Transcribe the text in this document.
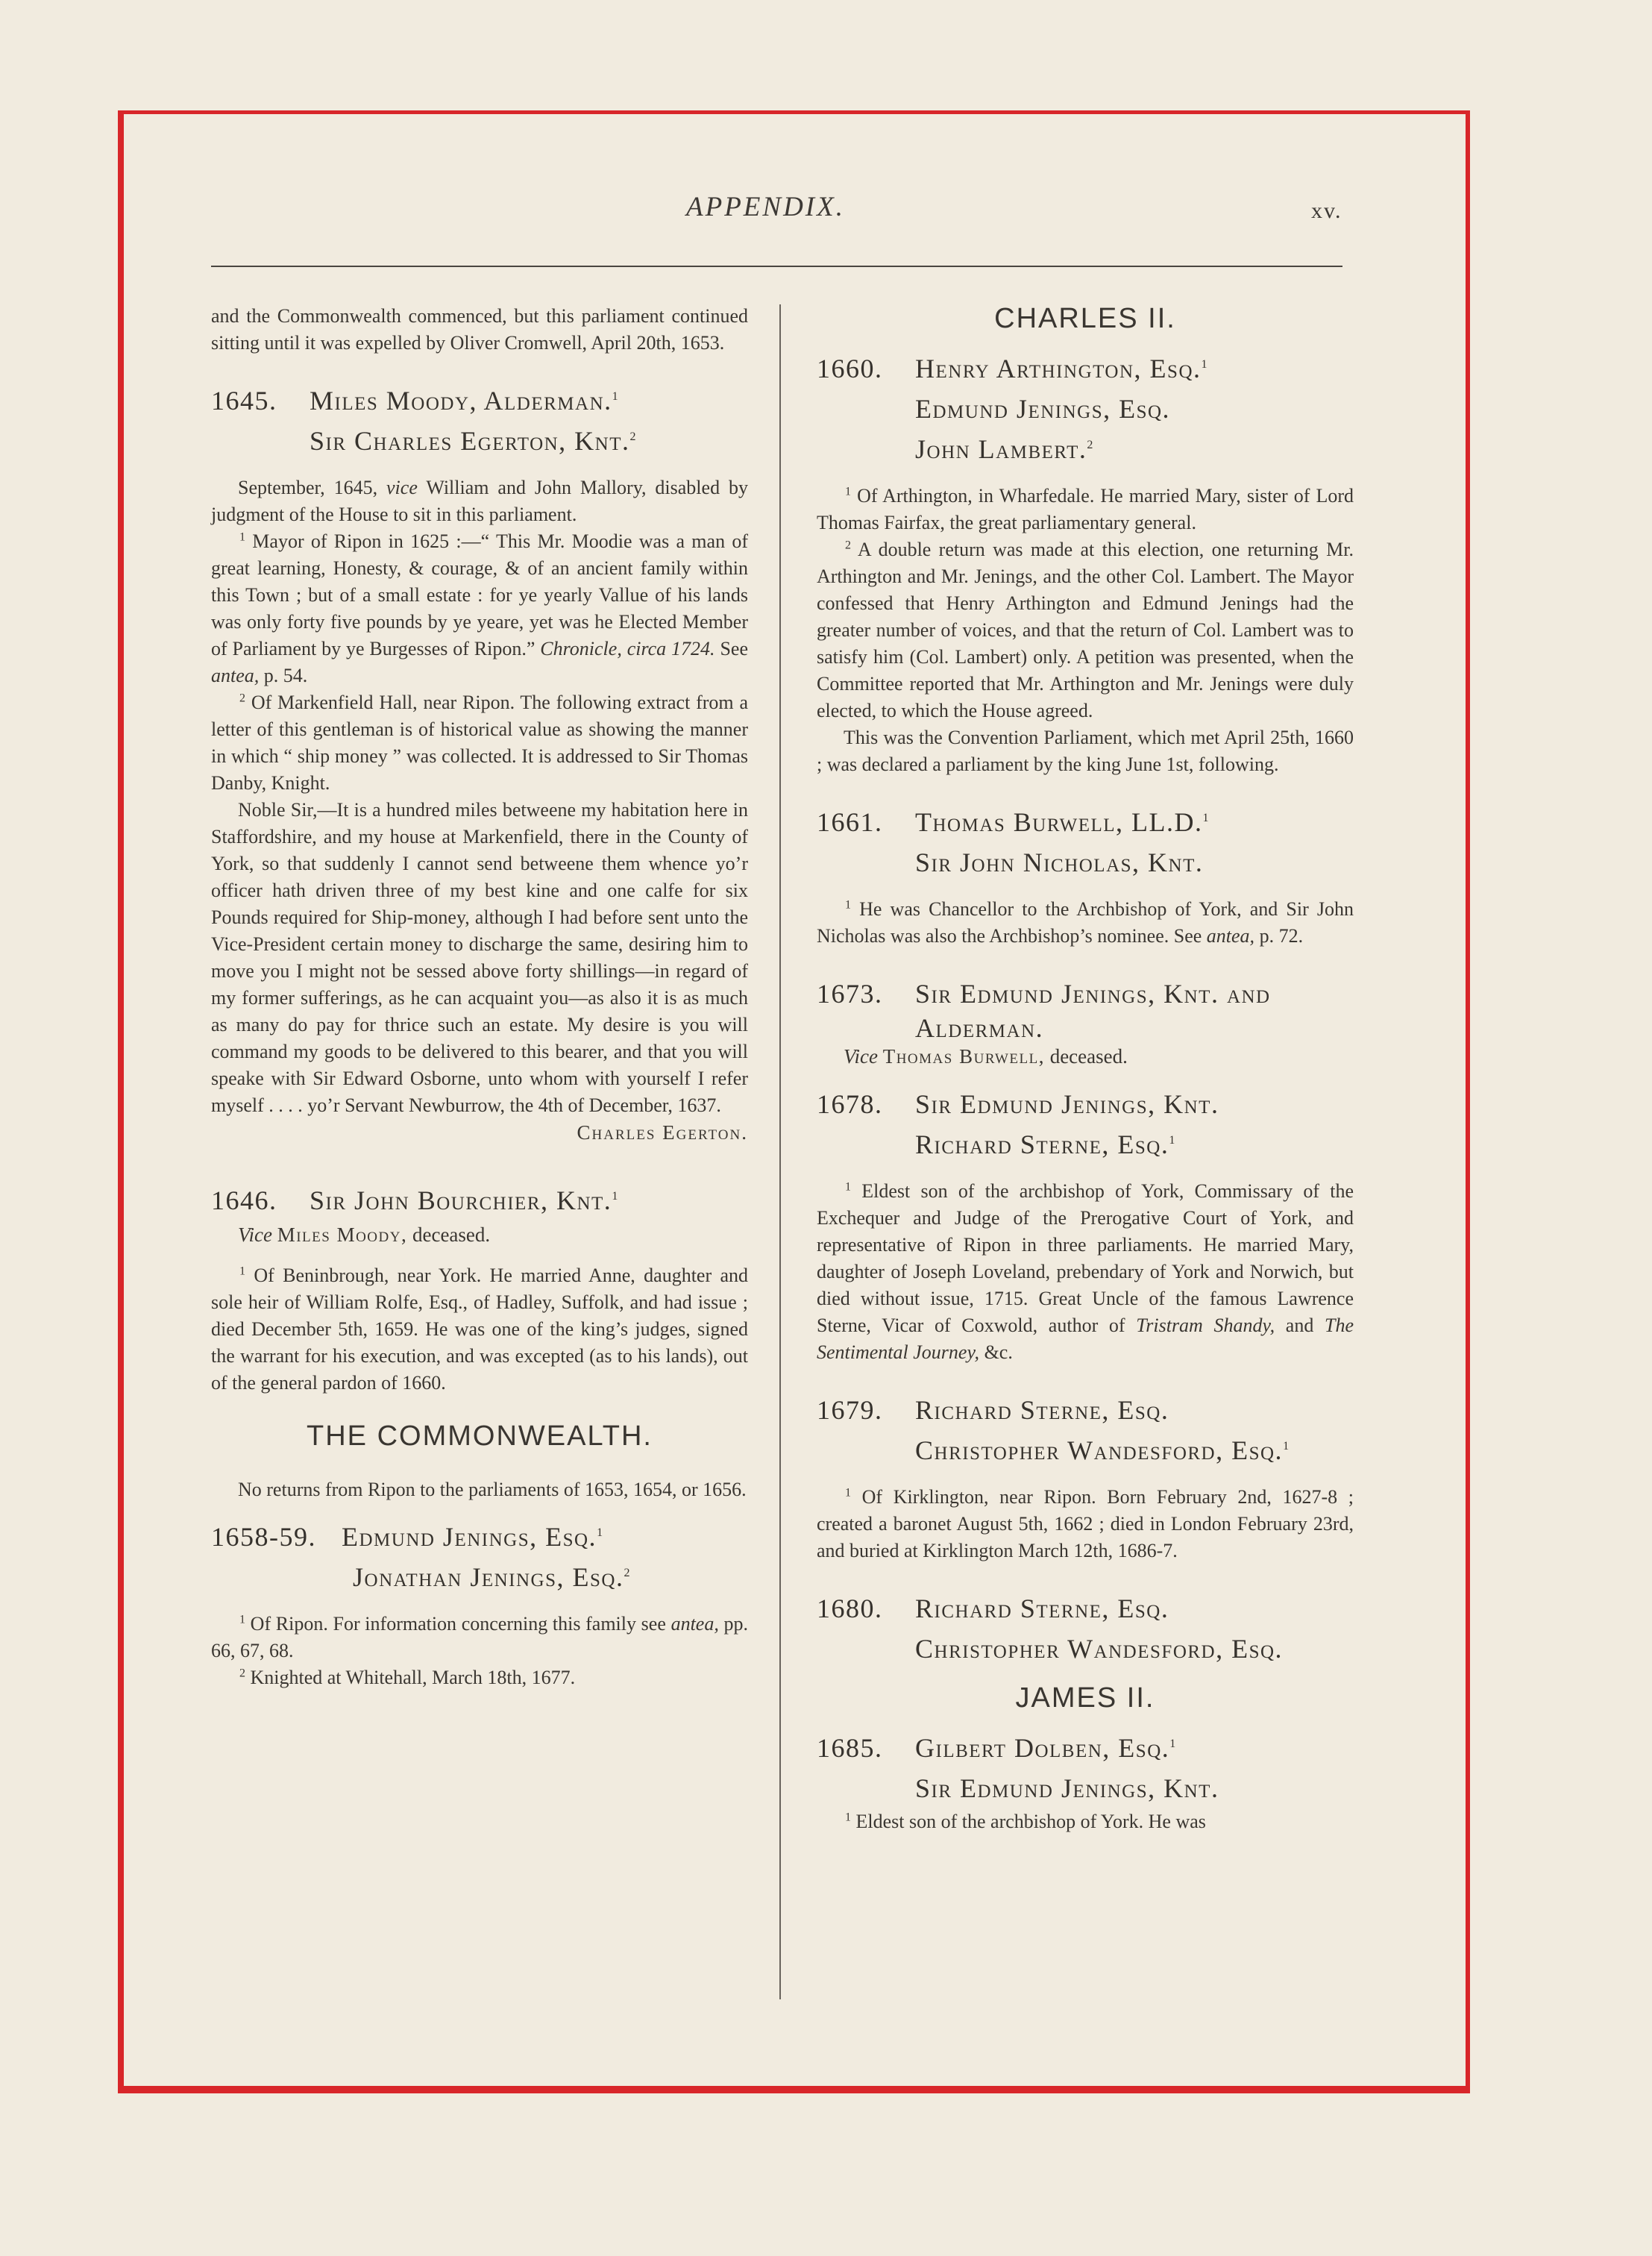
APPENDIX.	xv.

and the Commonwealth commenced, but this parliament continued sitting until it was expelled by Oliver Cromwell, April 20th, 1653.

1645. Miles Moody, Alderman.$^1$
Sir Charles Egerton, Knt.$^2$

September, 1645, vice William and John Mallory, disabled by judgment of the House to sit in this parliament.

$^1$ Mayor of Ripon in 1625 :—“ This Mr. Moodie was a man of great learning, Honesty, & courage, & of an ancient family within this Town ; but of a small estate : for ye yearly Vallue of his lands was only forty five pounds by ye yeare, yet was he Elected Member of Parliament by ye Burgesses of Ripon.” Chronicle, circa 1724. See antea, p. 54.

$^2$ Of Markenfield Hall, near Ripon. The following extract from a letter of this gentleman is of historical value as showing the manner in which “ ship money ” was collected. It is addressed to Sir Thomas Danby, Knight.

Noble Sir,—It is a hundred miles betweene my habitation here in Staffordshire, and my house at Markenfield, there in the County of York, so that suddenly I cannot send betweene them whence yo’r officer hath driven three of my best kine and one calfe for six Pounds required for Ship-money, although I had before sent unto the Vice-President certain money to discharge the same, desiring him to move you I might not be sessed above forty shillings—in regard of my former sufferings, as he can acquaint you—as also it is as much as many do pay for thrice such an estate. My desire is you will command my goods to be delivered to this bearer, and that you will speake with Sir Edward Osborne, unto whom with yourself I refer myself . . . . yo’r Servant Newburrow, the 4th of December, 1637.

Charles Egerton.

1646. Sir John Bourchier, Knt.$^1$
Vice Miles Moody, deceased.

$^1$ Of Beninbrough, near York. He married Anne, daughter and sole heir of William Rolfe, Esq., of Hadley, Suffolk, and had issue ; died December 5th, 1659. He was one of the king’s judges, signed the warrant for his execution, and was excepted (as to his lands), out of the general pardon of 1660.

THE COMMONWEALTH.

No returns from Ripon to the parliaments of 1653, 1654, or 1656.

1658-59. Edmund Jenings, Esq.$^1$
Jonathan Jenings, Esq.$^2$

$^1$ Of Ripon. For information concerning this family see antea, pp. 66, 67, 68.

$^2$ Knighted at Whitehall, March 18th, 1677.

CHARLES II.
1660. Henry Arthington, Esq.$^1$
Edmund Jenings, Esq.
John Lambert.$^2$

$^1$ Of Arthington, in Wharfedale. He married Mary, sister of Lord Thomas Fairfax, the great parliamentary general.

$^2$ A double return was made at this election, one returning Mr. Arthington and Mr. Jenings, and the other Col. Lambert. The Mayor confessed that Henry Arthington and Edmund Jenings had the greater number of voices, and that the return of Col. Lambert was to satisfy him (Col. Lambert) only. A petition was presented, when the Committee reported that Mr. Arthington and Mr. Jenings were duly elected, to which the House agreed.

This was the Convention Parliament, which met April 25th, 1660 ; was declared a parliament by the king June 1st, following.

1661. Thomas Burwell, LL.D.$^1$
Sir John Nicholas, Knt.

$^1$ He was Chancellor to the Archbishop of York, and Sir John Nicholas was also the Archbishop’s nominee. See antea, p. 72.

1673. Sir Edmund Jenings, Knt. and
Alderman.
Vice Thomas Burwell, deceased.
1678. Sir Edmund Jenings, Knt.
Richard Sterne, Esq.$^1$

$^1$ Eldest son of the archbishop of York, Commissary of the Exchequer and Judge of the Prerogative Court of York, and representative of Ripon in three parliaments. He married Mary, daughter of Joseph Loveland, prebendary of York and Norwich, but died without issue, 1715. Great Uncle of the famous Lawrence Sterne, Vicar of Coxwold, author of Tristram Shandy, and The Sentimental Journey, &c.

1679. Richard Sterne, Esq.
Christopher Wandesford, Esq.$^1$

$^1$ Of Kirklington, near Ripon. Born February 2nd, 1627-8 ; created a baronet August 5th, 1662 ; died in London February 23rd, and buried at Kirklington March 12th, 1686-7.

1680. Richard Sterne, Esq.
Christopher Wandesford, Esq.
JAMES II.
1685. Gilbert Dolben, Esq.$^1$
Sir Edmund Jenings, Knt.

$^1$ Eldest son of the archbishop of York. He was
